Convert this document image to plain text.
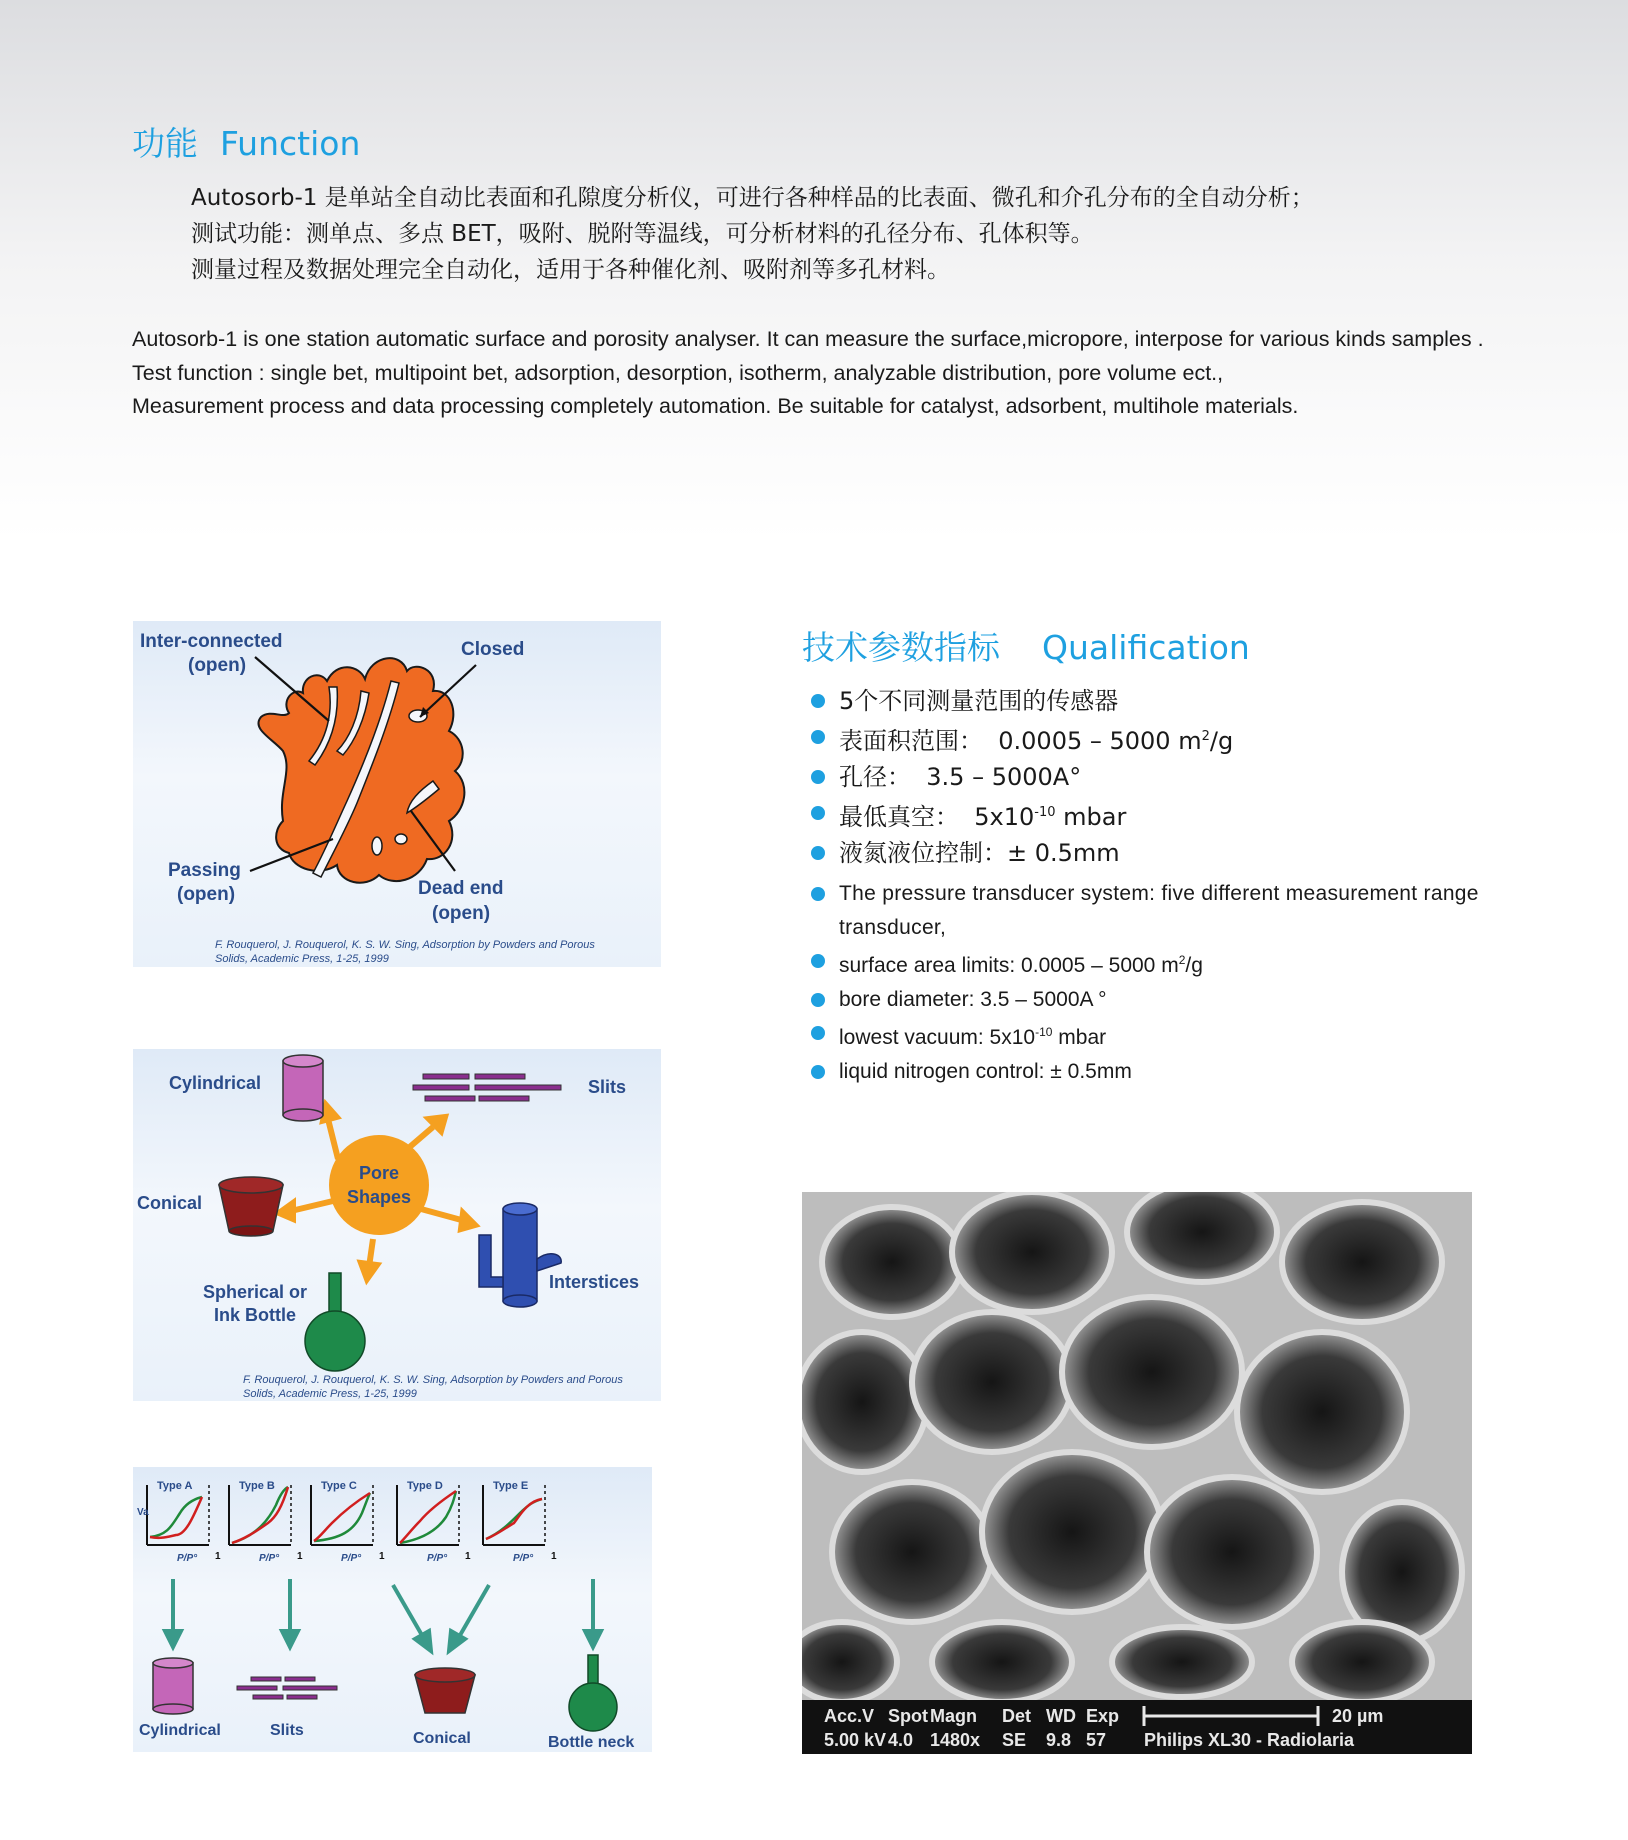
功能 Function
Autosorb-1 是单站全自动比表面和孔隙度分析仪，可进行各种样品的比表面、微孔和介孔分布的全自动分析；
测试功能：测单点、多点 BET，吸附、脱附等温线，可分析材料的孔径分布、孔体积等。
测量过程及数据处理完全自动化，适用于各种催化剂、吸附剂等多孔材料。
Autosorb-1 is one station automatic surface and porosity analyser. It can measure the surface,micropore, interpose for various kinds samples .
Test function : single bet, multipoint bet, adsorption, desorption, isotherm, analyzable distribution, pore volume ect.,
Measurement process and data processing completely automation. Be suitable for catalyst, adsorbent, multihole materials.
技术参数指标 Qualification
5个不同测量范围的传感器
表面积范围： 0.0005 – 5000 $m^2/g$
孔径： 3.5 – 5000A°
最低真空： $5x10^{-10}$ mbar
液氮液位控制：± 0.5mm
The pressure transducer system: five different measurement range transducer,
surface area limits: 0.0005 – 5000 $m^2/g$
bore diameter: 3.5 – 5000A °
lowest vacuum: $5x10^{-10}$ mbar
liquid nitrogen control: ± 0.5mm
Inter-connected
(open)
Closed
Passing
(open)	Dead end
(open)
F. Rouquerol, J. Rouquerol, K. S. W. Sing, Adsorption by Powders and Porous
Solids, Academic Press, 1-25, 1999
Pore
Shapes
Cylindrical	Slits
Conical
Interstices
Spherical or
Ink Bottle
F. Rouquerol, J. Rouquerol, K. S. W. Sing, Adsorption by Powders and Porous
Solids, Academic Press, 1-25, 1999
Type A
P/P° 1
Va
Type B
P/P° 1
Type C
P/P° 1
Type D
P/P° 1
Type E
P/P° 1
Cylindrical	Slits	Conical	Bottle neck
Acc.V Spot Magn Det WD Exp
5.00 kV 4.0 1480x SE 9.8 57
20 µm
Philips XL30 - Radiolaria
